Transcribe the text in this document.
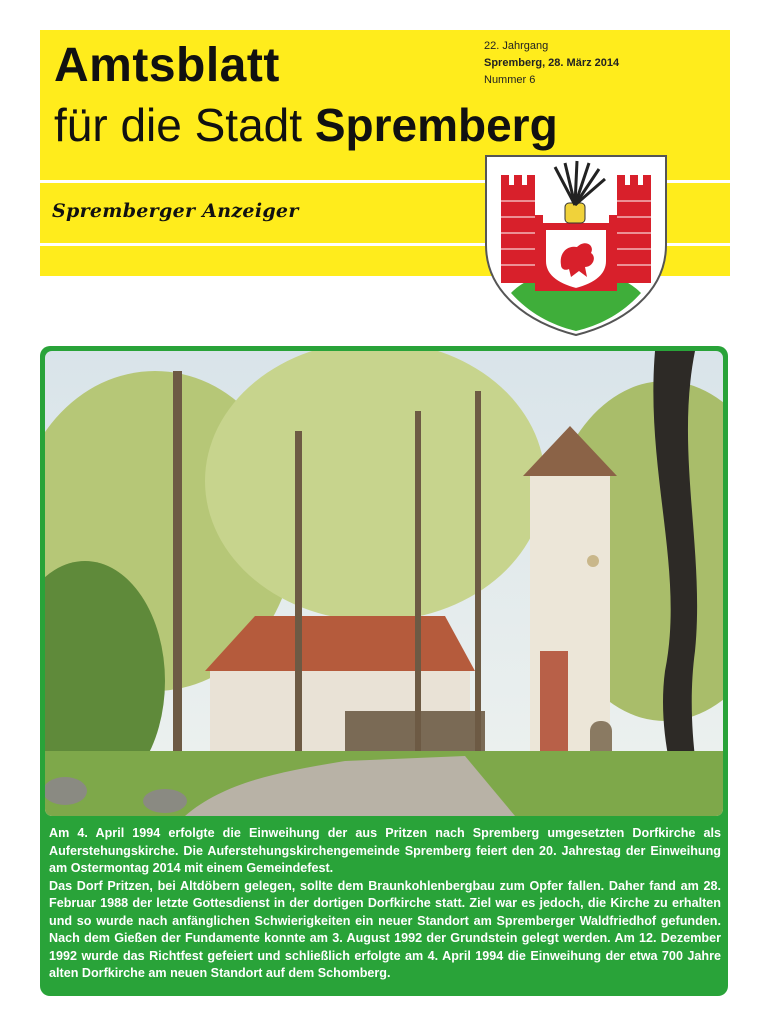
Amtsblatt
für die Stadt Spremberg
22. Jahrgang
Spremberg, 28. März 2014
Nummer 6
Spremberger Anzeiger

Am 4. April 1994 erfolgte die Einweihung der aus Pritzen nach Spremberg umgesetzten Dorfkirche als Auferstehungskirche. Die Auferstehungskirchengemeinde Spremberg feiert den 20. Jahrestag der Einweihung am Ostermontag 2014 mit einem Gemeindefest.

Das Dorf Pritzen, bei Altdöbern gelegen, sollte dem Braunkohlenbergbau zum Opfer fallen. Daher fand am 28. Februar 1988 der letzte Gottesdienst in der dortigen Dorfkirche statt. Ziel war es jedoch, die Kirche zu erhalten und so wurde nach anfänglichen Schwierigkeiten ein neuer Standort am Spremberger Waldfriedhof gefunden. Nach dem Gießen der Fundamente konnte am 3. August 1992 der Grundstein gelegt werden. Am 12. Dezember 1992 wurde das Richtfest gefeiert und schließlich erfolgte am 4. April 1994 die Einweihung der etwa 700 Jahre alten Dorfkirche am neuen Standort auf dem Schomberg.
